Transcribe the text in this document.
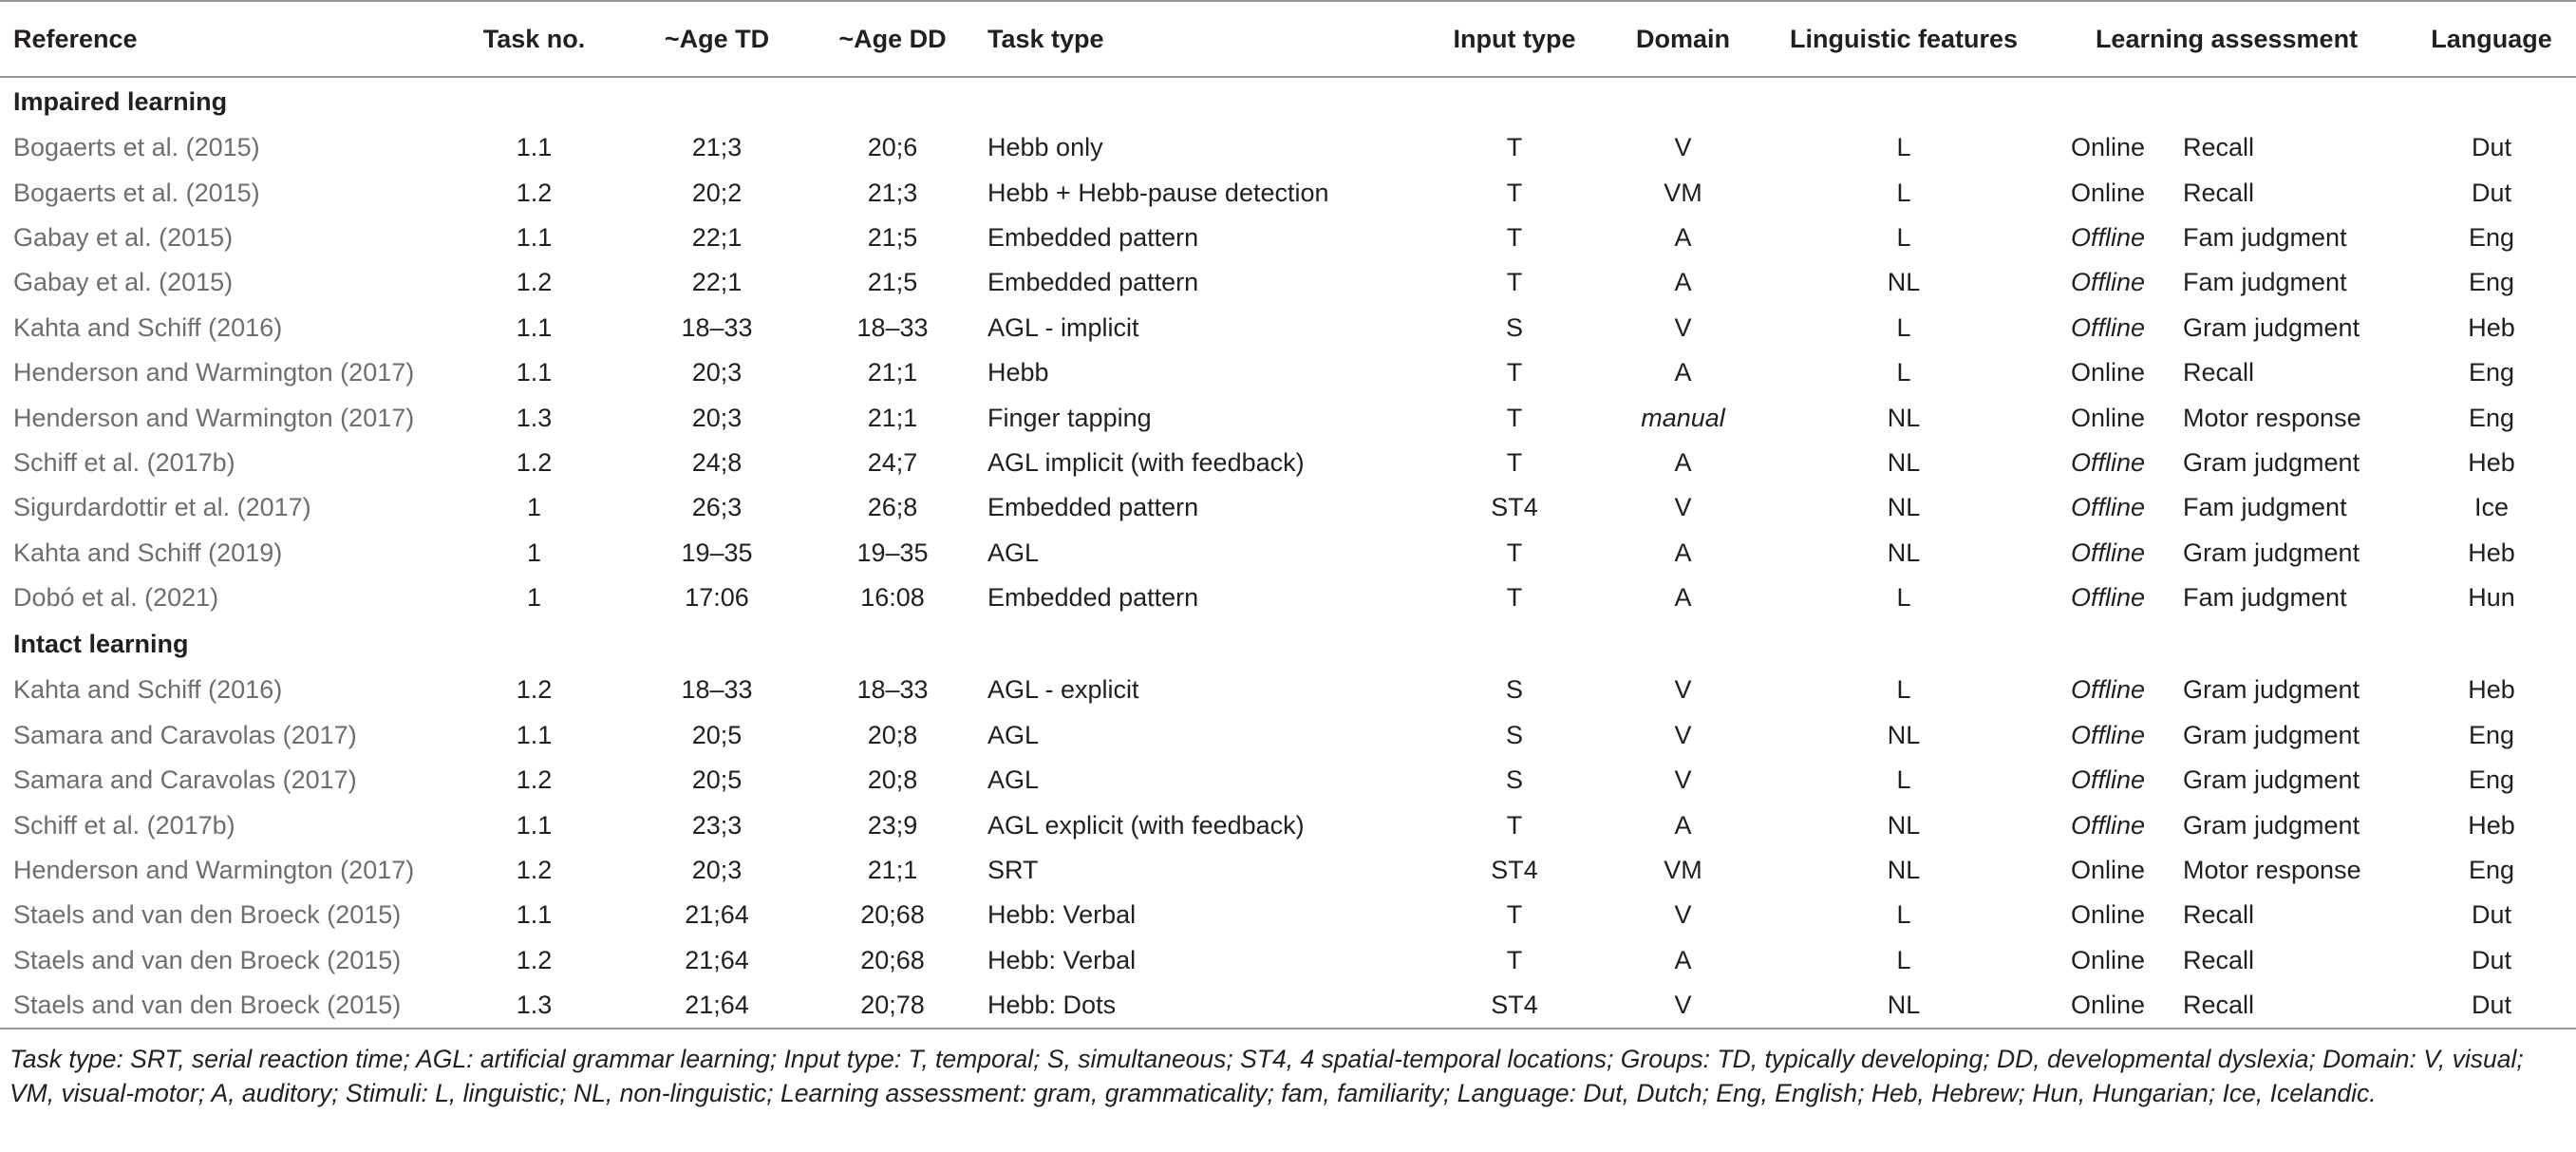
Reference	Task no.	~Age TD	~Age DD	Task type	Input type	Domain	Linguistic features	Learning assessment		Language
Impaired learning										
Bogaerts et al. (2015)	1.1	21;3	20;6	Hebb only	T	V	L	Online	Recall	Dut
Bogaerts et al. (2015)	1.2	20;2	21;3	Hebb + Hebb-pause detection	T	VM	L	Online	Recall	Dut
Gabay et al. (2015)	1.1	22;1	21;5	Embedded pattern	T	A	L	Offline	Fam judgment	Eng
Gabay et al. (2015)	1.2	22;1	21;5	Embedded pattern	T	A	NL	Offline	Fam judgment	Eng
Kahta and Schiff (2016)	1.1	18–33	18–33	AGL - implicit	S	V	L	Offline	Gram judgment	Heb
Henderson and Warmington (2017)	1.1	20;3	21;1	Hebb	T	A	L	Online	Recall	Eng
Henderson and Warmington (2017)	1.3	20;3	21;1	Finger tapping	T	manual	NL	Online	Motor response	Eng
Schiff et al. (2017b)	1.2	24;8	24;7	AGL implicit (with feedback)	T	A	NL	Offline	Gram judgment	Heb
Sigurdardottir et al. (2017)	1	26;3	26;8	Embedded pattern	ST4	V	NL	Offline	Fam judgment	Ice
Kahta and Schiff (2019)	1	19–35	19–35	AGL	T	A	NL	Offline	Gram judgment	Heb
Dobó et al. (2021)	1	17:06	16:08	Embedded pattern	T	A	L	Offline	Fam judgment	Hun
Intact learning										
Kahta and Schiff (2016)	1.2	18–33	18–33	AGL - explicit	S	V	L	Offline	Gram judgment	Heb
Samara and Caravolas (2017)	1.1	20;5	20;8	AGL	S	V	NL	Offline	Gram judgment	Eng
Samara and Caravolas (2017)	1.2	20;5	20;8	AGL	S	V	L	Offline	Gram judgment	Eng
Schiff et al. (2017b)	1.1	23;3	23;9	AGL explicit (with feedback)	T	A	NL	Offline	Gram judgment	Heb
Henderson and Warmington (2017)	1.2	20;3	21;1	SRT	ST4	VM	NL	Online	Motor response	Eng
Staels and van den Broeck (2015)	1.1	21;64	20;68	Hebb: Verbal	T	V	L	Online	Recall	Dut
Staels and van den Broeck (2015)	1.2	21;64	20;68	Hebb: Verbal	T	A	L	Online	Recall	Dut
Staels and van den Broeck (2015)	1.3	21;64	20;78	Hebb: Dots	ST4	V	NL	Online	Recall	Dut
Task type: SRT, serial reaction time; AGL: artificial grammar learning; Input type: T, temporal; S, simultaneous; ST4, 4 spatial-temporal locations; Groups: TD, typically developing; DD, developmental dyslexia; Domain: V, visual; VM, visual-motor; A, auditory; Stimuli: L, linguistic; NL, non-linguistic; Learning assessment: gram, grammaticality; fam, familiarity; Language: Dut, Dutch; Eng, English; Heb, Hebrew; Hun, Hungarian; Ice, Icelandic.
